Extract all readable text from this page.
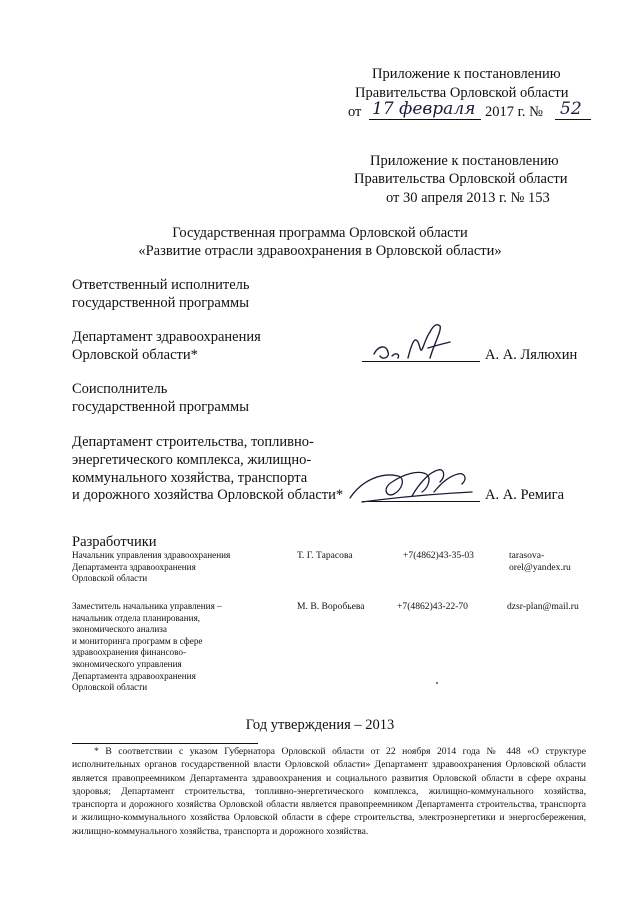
Приложение к постановлению
Правительства Орловской области
от 17 февраля 2017 г. № 52
Приложение к постановлению
Правительства Орловской области
от 30 апреля 2013 г. № 153
Государственная программа Орловской области
«Развитие отрасли здравоохранения в Орловской области»
Ответственный исполнитель
государственной программы
Департамент здравоохранения
Орловской области*	А. А. Лялюхин
Соисполнитель
государственной программы
Департамент строительства, топливно-
энергетического комплекса, жилищно-
коммунального хозяйства, транспорта
и дорожного хозяйства Орловской области*	А. А. Ремига
Разработчики
Начальник управления здравоохранения
Департамента здравоохранения
Орловской области
Т. Г. Тарасова	+7(4862)43-35-03	tarasova-
orel@yandex.ru
Заместитель начальника управления –
начальник отдела планирования,
экономического анализа
и мониторинга программ в сфере
здравоохранения финансово-
экономического управления
Департамента здравоохранения
Орловской области
М. В. Воробьева	+7(4862)43-22-70	dzsr-plan@mail.ru
Год утверждения – 2013
* В соответствии с указом Губернатора Орловской области от 22 ноября 2014 года № 448 «О структуре исполнительных органов государственной власти Орловской области» Департамент здравоохранения Орловской области является правопреемником Департамента здравоохранения и социального развития Орловской области в сфере охраны здоровья; Департамент строительства, топливно-энергетического комплекса, жилищно-коммунального хозяйства, транспорта и дорожного хозяйства Орловской области является правопреемником Департамента строительства, транспорта и жилищно-коммунального хозяйства Орловской области в сфере строительства, электроэнергетики и энергосбережения, жилищно-коммунального хозяйства, транспорта и дорожного хозяйства.
